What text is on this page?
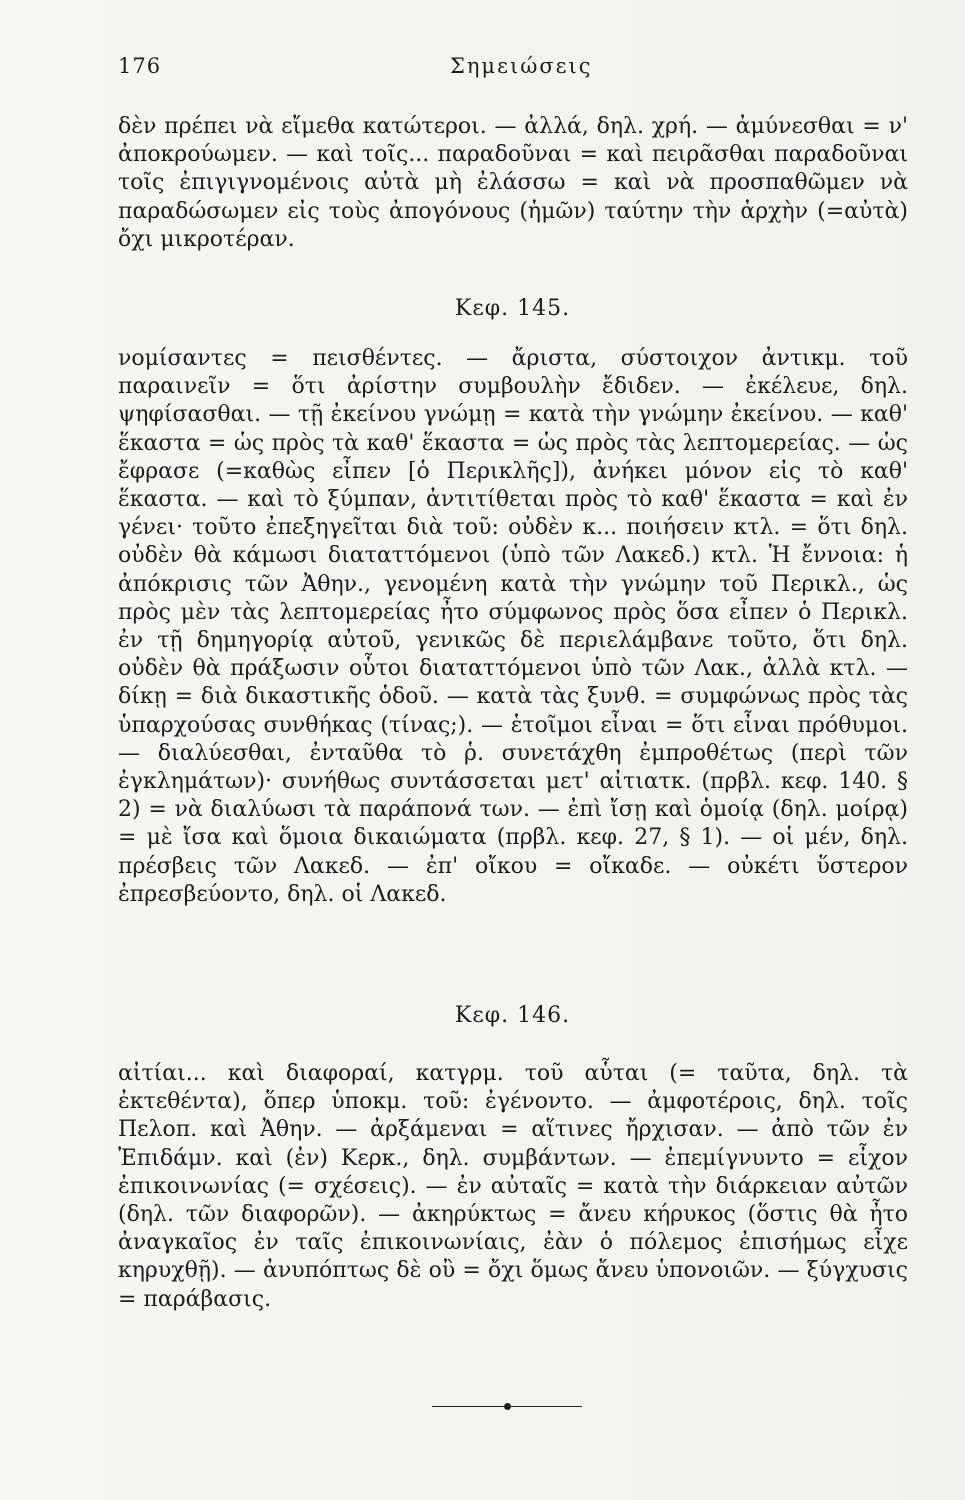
176	Σημειώσεις

δὲν πρέπει νὰ εἴμεθα κατώτεροι. — ἀλλά, δηλ. χρή. — ἀμύνεσθαι = ν' ἀποκρούωμεν. — καὶ τοῖς... παραδοῦναι = καὶ πειρᾶσθαι παραδοῦναι τοῖς ἐπιγιγνομένοις αὐτὰ μὴ ἐλάσσω = καὶ νὰ προσπαθῶμεν νὰ παραδώσωμεν εἰς τοὺς ἀπογόνους (ἡμῶν) ταύτην τὴν ἀρχὴν (=αὐτὰ) ὄχι μικροτέραν.

Κεφ. 145.

νομίσαντες = πεισθέντες. — ἄριστα, σύστοιχον ἀντικμ. τοῦ παραινεῖν = ὅτι ἀρίστην συμβουλὴν ἔδιδεν. — ἐκέλευε, δηλ. ψηφίσασθαι. — τῇ ἐκείνου γνώμῃ = κατὰ τὴν γνώμην ἐκείνου. — καθ' ἕκαστα = ὡς πρὸς τὰ καθ' ἕκαστα = ὡς πρὸς τὰς λεπτομερείας. — ὡς ἔφρασε (=καθὼς εἶπεν [ὁ Περικλῆς]), ἀνήκει μόνον εἰς τὸ καθ' ἕκαστα. — καὶ τὸ ξύμπαν, ἀντιτίθεται πρὸς τὸ καθ' ἕκαστα = καὶ ἐν γένει· τοῦτο ἐπεξηγεῖται διὰ τοῦ: οὐδὲν κ... ποιήσειν κτλ. = ὅτι δηλ. οὐδὲν θὰ κάμωσι διαταττόμενοι (ὑπὸ τῶν Λακεδ.) κτλ. Ἡ ἔννοια: ἡ ἀπόκρισις τῶν Ἀθην., γενομένη κατὰ τὴν γνώμην τοῦ Περικλ., ὡς πρὸς μὲν τὰς λεπτομερείας ἦτο σύμφωνος πρὸς ὅσα εἶπεν ὁ Περικλ. ἐν τῇ δημηγορίᾳ αὐτοῦ, γενικῶς δὲ περιελάμβανε τοῦτο, ὅτι δηλ. οὐδὲν θὰ πράξωσιν οὗτοι διαταττόμενοι ὑπὸ τῶν Λακ., ἀλλὰ κτλ. — δίκῃ = διὰ δικαστικῆς ὁδοῦ. — κατὰ τὰς ξυνθ. = συμφώνως πρὸς τὰς ὑπαρχούσας συνθήκας (τίνας;). — ἑτοῖμοι εἶναι = ὅτι εἶναι πρόθυμοι. — διαλύεσθαι, ἐνταῦθα τὸ ῥ. συνετάχθη ἐμπροθέτως (περὶ τῶν ἐγκλημάτων)· συνήθως συντάσσεται μετ' αἰτιατκ. (πρβλ. κεφ. 140. § 2) = νὰ διαλύωσι τὰ παράπονά των. — ἐπὶ ἴσῃ καὶ ὁμοίᾳ (δηλ. μοίρᾳ) = μὲ ἴσα καὶ ὅμοια δικαιώματα (πρβλ. κεφ. 27, § 1). — οἱ μέν, δηλ. πρέσβεις τῶν Λακεδ. — ἐπ' οἴκου = οἴκαδε. — οὐκέτι ὕστερον ἐπρεσβεύοντο, δηλ. οἱ Λακεδ.

Κεφ. 146.

αἰτίαι... καὶ διαφοραί, κατγρμ. τοῦ αὗται (= ταῦτα, δηλ. τὰ ἐκτεθέντα), ὅπερ ὑποκμ. τοῦ: ἐγένοντο. — ἀμφοτέροις, δηλ. τοῖς Πελοπ. καὶ Ἀθην. — ἀρξάμεναι = αἵτινες ἤρχισαν. — ἀπὸ τῶν ἐν Ἐπιδάμν. καὶ (ἐν) Κερκ., δηλ. συμβάντων. — ἐπεμίγνυντο = εἶχον ἐπικοινωνίας (= σχέσεις). — ἐν αὐταῖς = κατὰ τὴν διάρκειαν αὐτῶν (δηλ. τῶν διαφορῶν). — ἀκηρύκτως = ἄνευ κήρυκος (ὅστις θὰ ἦτο ἀναγκαῖος ἐν ταῖς ἐπικοινωνίαις, ἐὰν ὁ πόλεμος ἐπισήμως εἶχε κηρυχθῇ). — ἀνυπόπτως δὲ οὒ = ὄχι ὅμως ἄνευ ὑπονοιῶν. — ξύγχυσις = παράβασις.
